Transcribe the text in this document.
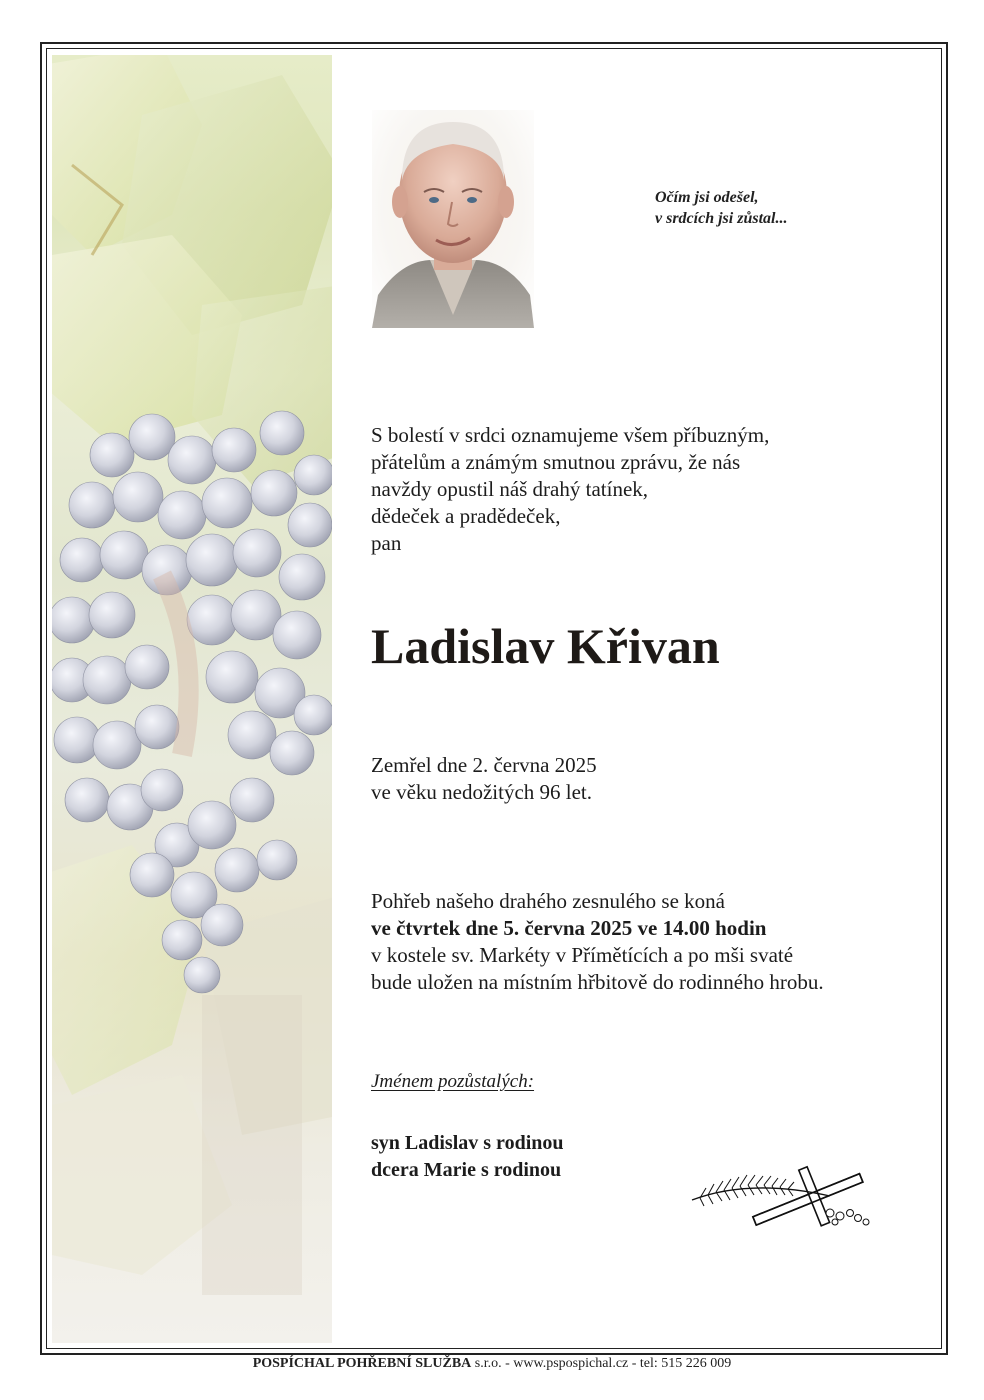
Očím jsi odešel,
v srdcích jsi zůstal...
S bolestí v srdci oznamujeme všem příbuzným,
přátelům a známým smutnou zprávu, že nás
navždy opustil náš drahý tatínek,
dědeček a pradědeček,
pan
Ladislav Křivan
Zemřel dne 2. června 2025
ve věku nedožitých 96 let.
Pohřeb našeho drahého zesnulého se koná
ve čtvrtek dne 5. června 2025 ve 14.00 hodin
v kostele sv. Markéty v Přímětících a po mši svaté
bude uložen na místním hřbitově do rodinného hrobu.
Jménem pozůstalých:
syn Ladislav s rodinou
dcera Marie s rodinou
POSPÍCHAL POHŘEBNÍ SLUŽBA s.r.o. - www.pspospichal.cz - tel: 515 226 009
